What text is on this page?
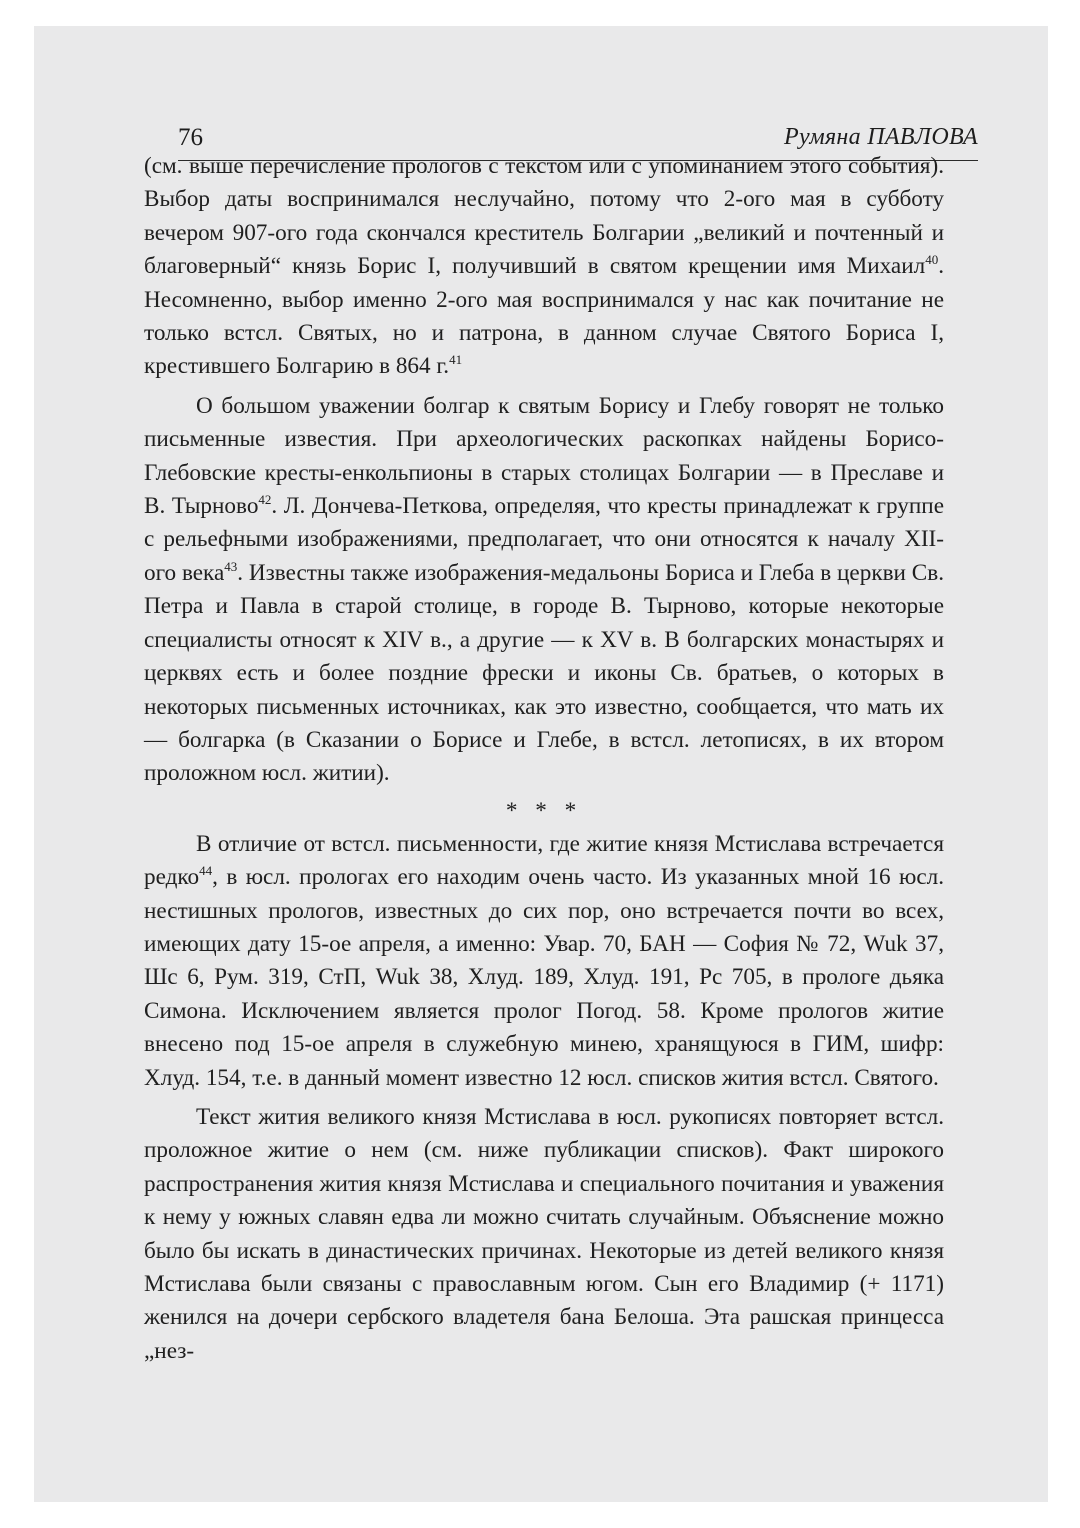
76	Румяна ПАВЛОВА

(см. выше перечисление прологов с текстом или с упоминанием этого события). Выбор даты воспринимался неслучайно, потому что 2-ого мая в субботу вечером 907-ого года скончался креститель Болгарии „великий и почтенный и благоверный“ князь Борис I, получивший в святом крещении имя Михаил$^{40}$. Несомненно, выбор именно 2-ого мая воспринимался у нас как почитание не только встсл. Святых, но и патрона, в данном случае Святого Бориса I, крестившего Болгарию в 864 г.$^{41}$

О большом уважении болгар к святым Борису и Глебу говорят не только письменные известия. При археологических раскопках найдены Борисо-Глебовские кресты-енкольпионы в старых столицах Болгарии — в Преславе и В. Тырново$^{42}$. Л. Дончева-Петкова, определяя, что кресты принадлежат к группе с рельефными изображениями, предполагает, что они относятся к началу XII-ого века$^{43}$. Известны также изображения-медальоны Бориса и Глеба в церкви Св. Петра и Павла в старой столице, в городе В. Тырново, которые некоторые специалисты относят к XIV в., а другие — к XV в. В болгарских монастырях и церквях есть и более поздние фрески и иконы Св. братьев, о которых в некоторых письменных источниках, как это известно, сообщается, что мать их — болгарка (в Сказании о Борисе и Глебе, в встсл. летописях, в их втором проложном юсл. житии).

* * *

В отличие от встсл. письменности, где житие князя Мстислава встречается редко$^{44}$, в юсл. прологах его находим очень часто. Из указанных мной 16 юсл. нестишных прологов, известных до сих пор, оно встречается почти во всех, имеющих дату 15-ое апреля, а именно: Увар. 70, БАН — София № 72, Wuk 37, Шс 6, Рум. 319, СтП, Wuk 38, Хлуд. 189, Хлуд. 191, Рс 705, в прологе дьяка Симона. Исключением является пролог Погод. 58. Кроме прологов житие внесено под 15-ое апреля в служебную минею, хранящуюся в ГИМ, шифр: Хлуд. 154, т.е. в данный момент известно 12 юсл. списков жития встсл. Святого.

Текст жития великого князя Мстислава в юсл. рукописях повторяет встсл. проложное житие о нем (см. ниже публикации списков). Факт широкого распространения жития князя Мстислава и специального почитания и уважения к нему у южных славян едва ли можно считать случайным. Объяснение можно было бы искать в династических причинах. Некоторые из детей великого князя Мстислава были связаны с православным югом. Сын его Владимир (+ 1171) женился на дочери сербского владетеля бана Белоша. Эта рашская принцесса „нез-
